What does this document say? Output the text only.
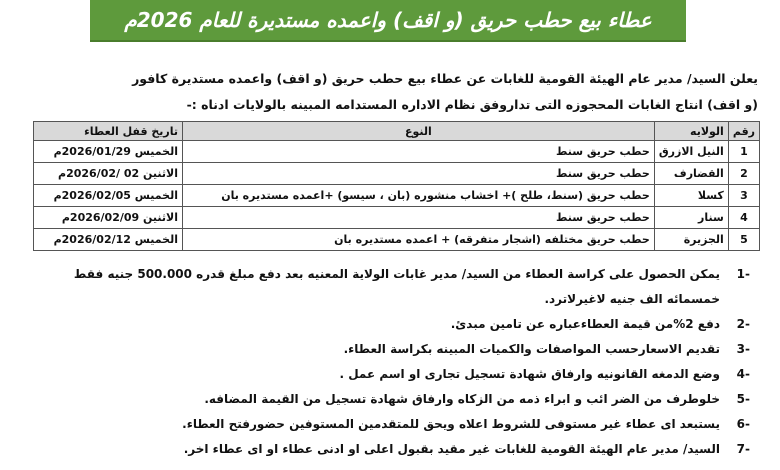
عطاء بيع حطب حريق (و اقف) واعمده مستديرة للعام 2026م

يعلن السيد/ مدير عام الهيئة القومية للغابات عن عطاء بيع حطب حريق (و اقف) واعمده مستديرة كافور

(و اقف) انتاج الغابات المحجوزه التى تداروفق نظام الاداره المستدامه المبينه بالولايات ادناه :-

رقم	الولايه	النوع	تاريخ قفل العطاء
1	النيل الازرق	حطب حريق سنط	الخميس 2026/01/29م
2	القضارف	حطب حريق سنط	الاثنين 02 /2026/02م
3	كسلا	حطب حريق (سنط، طلح )+ اخشاب منشوره (بان ، سيسو) +اعمده مستديره بان	الخميس 2026/02/05م
4	سنار	حطب حريق سنط	الاثنين 2026/02/09م
5	الجزيرة	حطب حريق مختلفه (اشجار متفرقه) + اعمده مستديره بان	الخميس 2026/02/12م
-1
يمكن الحصول على كراسة العطاء من السيد/ مدير غابات الولاية المعنيه بعد دفع مبلغ قدره 500.000 جنيه فقط
خمسمائه الف جنيه لاغيرلاترد.
-2
دفع 2%من قيمة العطاءعباره عن تامين مبدئ.
-3
تقديم الاسعارحسب المواصفات والكميات المبينه بكراسة العطاء.
-4
وضع الدمغه القانونيه وارفاق شهادة تسجيل تجارى او اسم عمل .
-5
خلوطرف من الضر ائب و ابراء ذمه من الزكاه وارفاق شهادة تسجيل من القيمة المضافه.
-6
يستبعد اى عطاء غير مستوفى للشروط اعلاه ويحق للمتقدمين المستوفين حضورفتح العطاء.
-7
السيد/ مدير عام الهيئة القومية للغابات غير مقيد بقبول اعلى او ادنى عطاء او اى عطاء اخر.
